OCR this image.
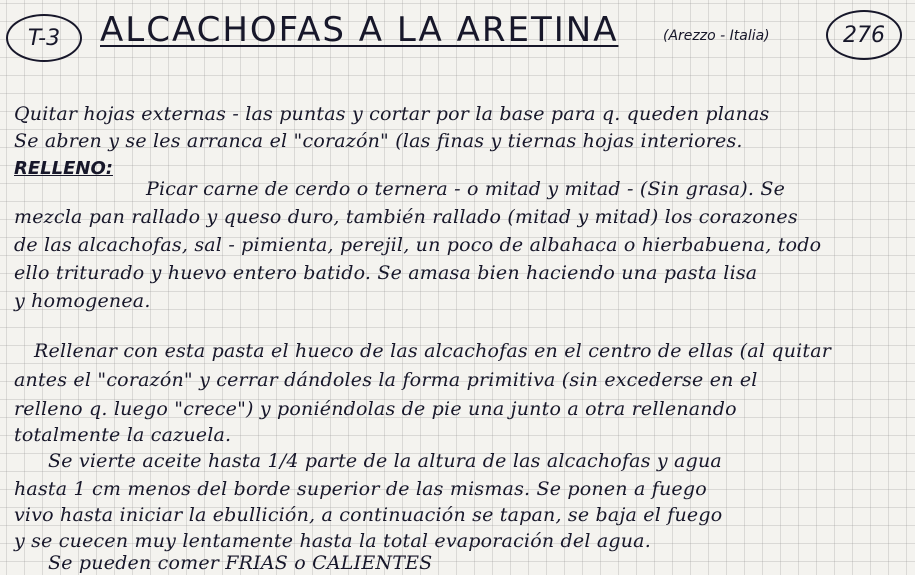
T-3 ALCACHOFAS A LA ARETINA	(Arezzo - Italia)	276
Quitar hojas externas - las puntas y cortar por la base para q. queden planas
Se abren y se les arranca el "corazón" (las finas y tiernas hojas interiores.
RELLENO:
Picar carne de cerdo o ternera - o mitad y mitad - (Sin grasa). Se
mezcla pan rallado y queso duro, también rallado (mitad y mitad) los corazones
de las alcachofas, sal - pimienta, perejil, un poco de albahaca o hierbabuena, todo
ello triturado y huevo entero batido. Se amasa bien haciendo una pasta lisa
y homogenea.
Rellenar con esta pasta el hueco de las alcachofas en el centro de ellas (al quitar
antes el "corazón" y cerrar dándoles la forma primitiva (sin excederse en el
relleno q. luego "crece") y poniéndolas de pie una junto a otra rellenando
totalmente la cazuela.
Se vierte aceite hasta 1/4 parte de la altura de las alcachofas y agua
hasta 1 cm menos del borde superior de las mismas. Se ponen a fuego
vivo hasta iniciar la ebullición, a continuación se tapan, se baja el fuego
y se cuecen muy lentamente hasta la total evaporación del agua.
Se pueden comer FRIAS o CALIENTES
